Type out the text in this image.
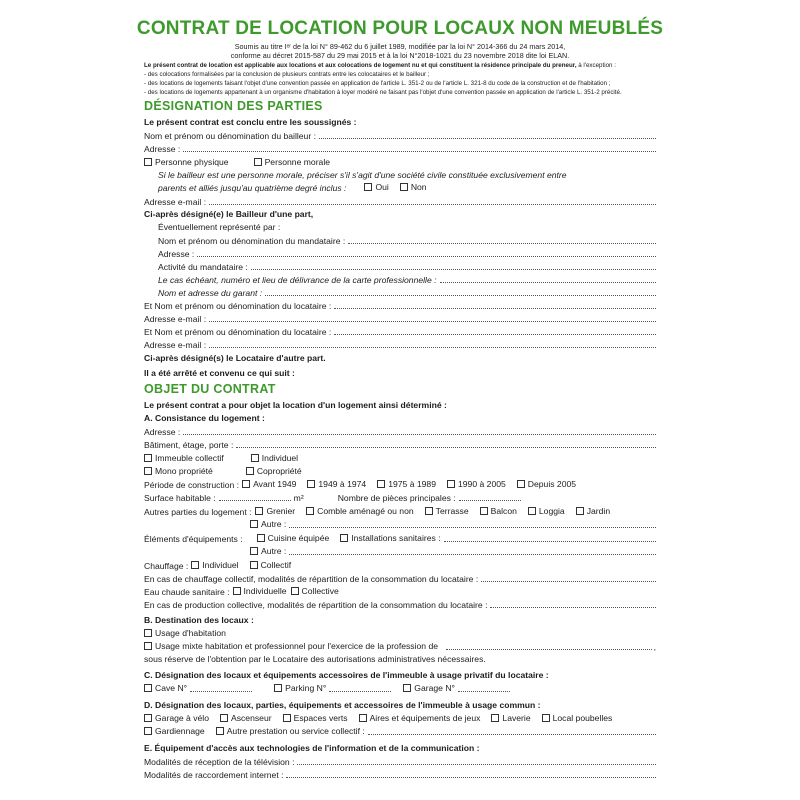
CONTRAT DE LOCATION POUR LOCAUX NON MEUBLÉS
Soumis au titre Iᵉʳ de la loi N° 89-462 du 6 juillet 1989, modifiée par la loi N° 2014-366 du 24 mars 2014,
conforme au décret 2015-587 du 29 mai 2015 et à la loi N°2018-1021 du 23 novembre 2018 dite loi ELAN.
Le présent contrat de location est applicable aux locations et aux colocations de logement nu et qui constituent la résidence principale du preneur, à l'exception :
- des colocations formalisées par la conclusion de plusieurs contrats entre les colocataires et le bailleur ;
- des locations de logements faisant l'objet d'une convention passée en application de l'article L. 351-2 ou de l'article L. 321-8 du code de la construction et de l'habitation ;
- des locations de logements appartenant à un organisme d'habitation à loyer modéré ne faisant pas l'objet d'une convention passée en application de l'article L. 351-2 précité.
DÉSIGNATION DES PARTIES
Le présent contrat est conclu entre les soussignés :
Nom et prénom ou dénomination du bailleur :
Adresse :
Personne physique	Personne morale
Si le bailleur est une personne morale, préciser s'il s'agit d'une société civile constituée exclusivement entre
parents et alliés jusqu'au quatrième degré inclus :	Oui	Non
Adresse e-mail :
Ci-après désigné(e) le Bailleur d'une part,
Éventuellement représenté par :
Nom et prénom ou dénomination du mandataire :
Adresse :
Activité du mandataire :
Le cas échéant, numéro et lieu de délivrance de la carte professionnelle :
Nom et adresse du garant :
Et Nom et prénom ou dénomination du locataire :
Adresse e-mail :
Et Nom et prénom ou dénomination du locataire :
Adresse e-mail :
Ci-après désigné(s) le Locataire d'autre part.
Il a été arrêté et convenu ce qui suit :
OBJET DU CONTRAT
Le présent contrat a pour objet la location d'un logement ainsi déterminé :
A. Consistance du logement :
Adresse :
Bâtiment, étage, porte :
Immeuble collectif	Individuel
Mono propriété	Copropriété
Période de construction : Avant 1949	1949 à 1974	1975 à 1989	1990 à 2005	Depuis 2005
Surface habitable :	m²	Nombre de pièces principales :
Autres parties du logement : Grenier	Comble aménagé ou non	Terrasse	Balcon	Loggia	Jardin
Autre :
Éléments d'équipements :	Cuisine équipée	Installations sanitaires :
Autre :
Chauffage : Individuel	Collectif
En cas de chauffage collectif, modalités de répartition de la consommation du locataire :
Eau chaude sanitaire : Individuelle Collective
En cas de production collective, modalités de répartition de la consommation du locataire :
B. Destination des locaux :
Usage d'habitation
Usage mixte habitation et professionnel pour l'exercice de la profession de	,
sous réserve de l'obtention par le Locataire des autorisations administratives nécessaires.
C. Désignation des locaux et équipements accessoires de l'immeuble à usage privatif du locataire :
Cave N°	Parking N°	Garage N°
D. Désignation des locaux, parties, équipements et accessoires de l'immeuble à usage commun :
Garage à vélo	Ascenseur	Espaces verts	Aires et équipements de jeux	Laverie	Local poubelles
Gardiennage	Autre prestation ou service collectif :
E. Équipement d'accès aux technologies de l'information et de la communication :
Modalités de réception de la télévision :
Modalités de raccordement internet :
